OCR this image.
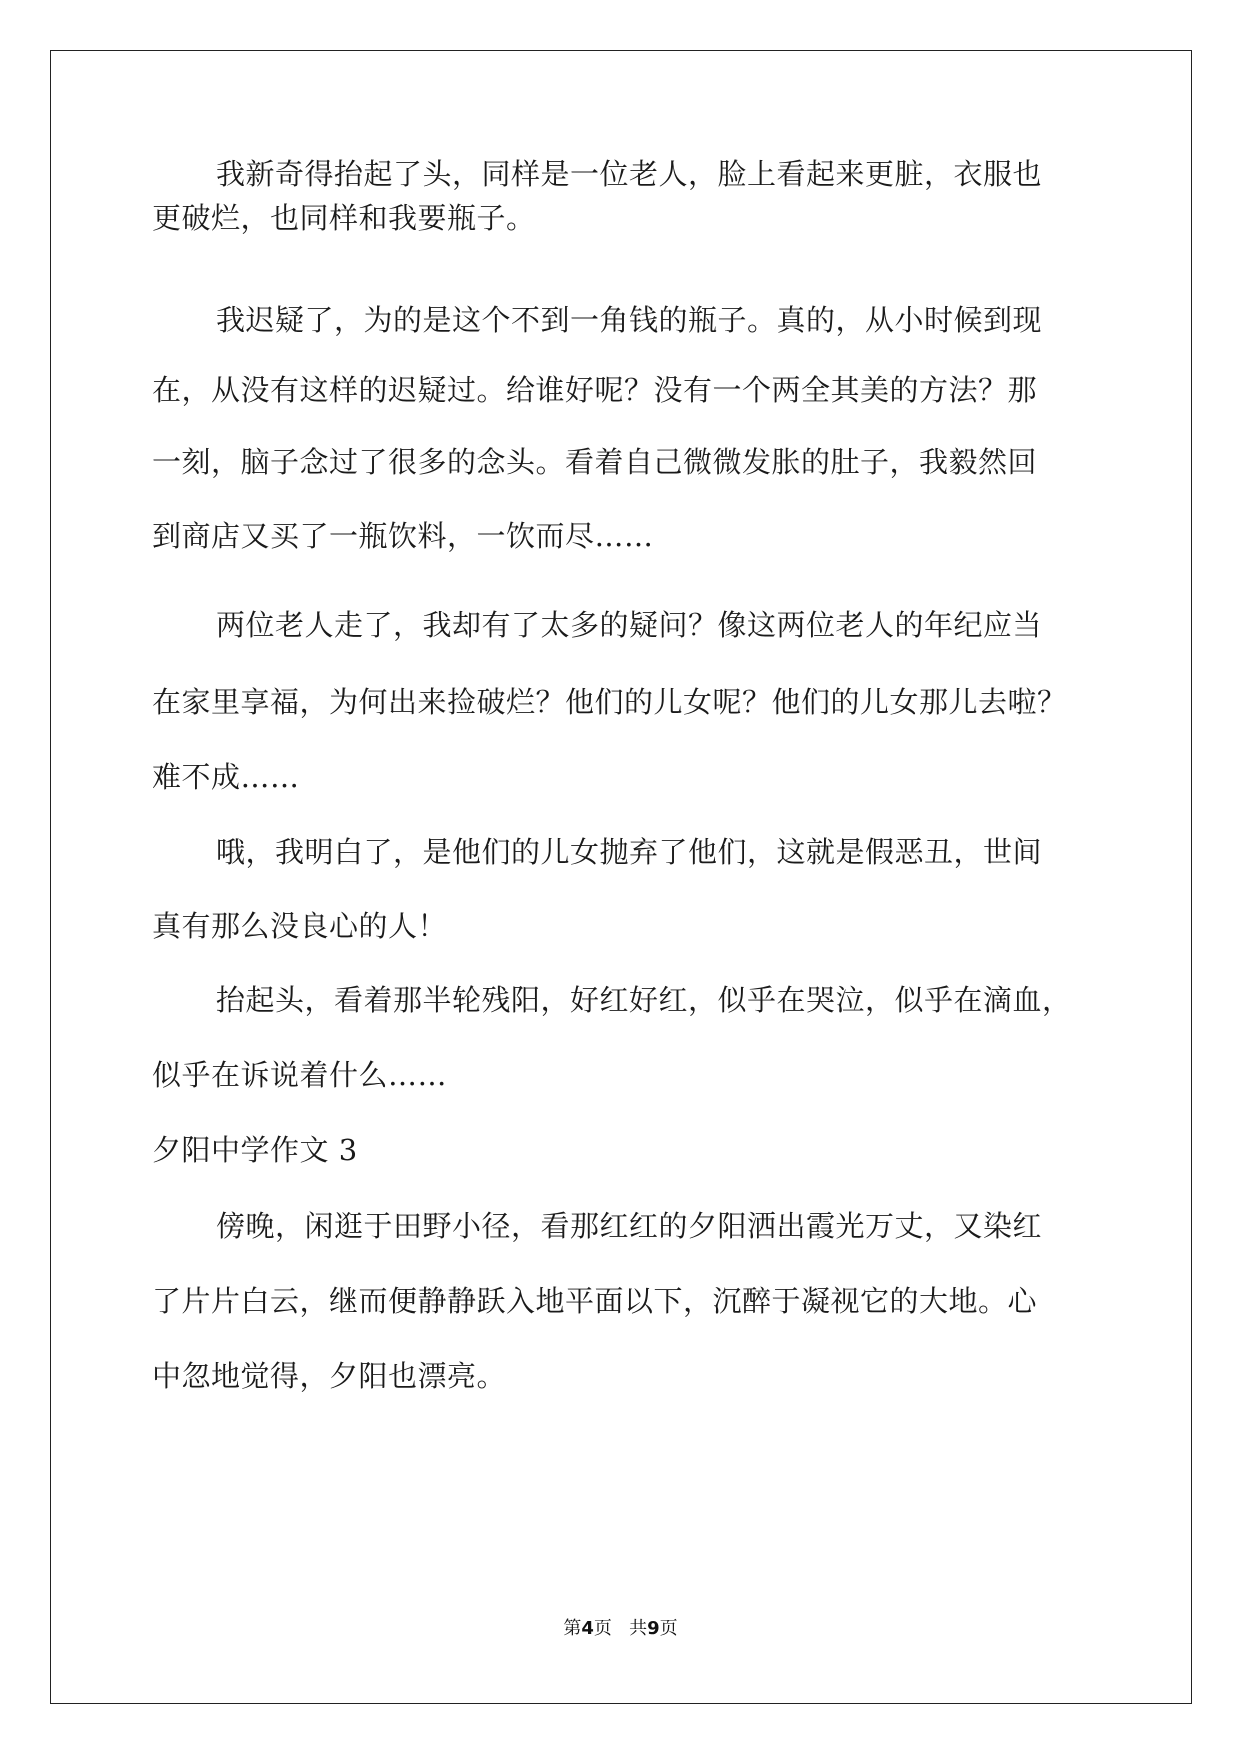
我新奇得抬起了头，同样是一位老人，脸上看起来更脏，衣服也
更破烂，也同样和我要瓶子。
我迟疑了，为的是这个不到一角钱的瓶子。真的，从小时候到现
在，从没有这样的迟疑过。给谁好呢？没有一个两全其美的方法？那
一刻，脑子念过了很多的念头。看着自己微微发胀的肚子，我毅然回
到商店又买了一瓶饮料，一饮而尽……
两位老人走了，我却有了太多的疑问？像这两位老人的年纪应当
在家里享福，为何出来捡破烂？他们的儿女呢？他们的儿女那儿去啦？
难不成……
哦，我明白了，是他们的儿女抛弃了他们，这就是假恶丑，世间
真有那么没良心的人！
抬起头，看着那半轮残阳，好红好红，似乎在哭泣，似乎在滴血，
似乎在诉说着什么……
夕阳中学作文 3
傍晚，闲逛于田野小径，看那红红的夕阳洒出霞光万丈，又染红
了片片白云，继而便静静跃入地平面以下，沉醉于凝视它的大地。心
中忽地觉得，夕阳也漂亮。
第4页 共9页
